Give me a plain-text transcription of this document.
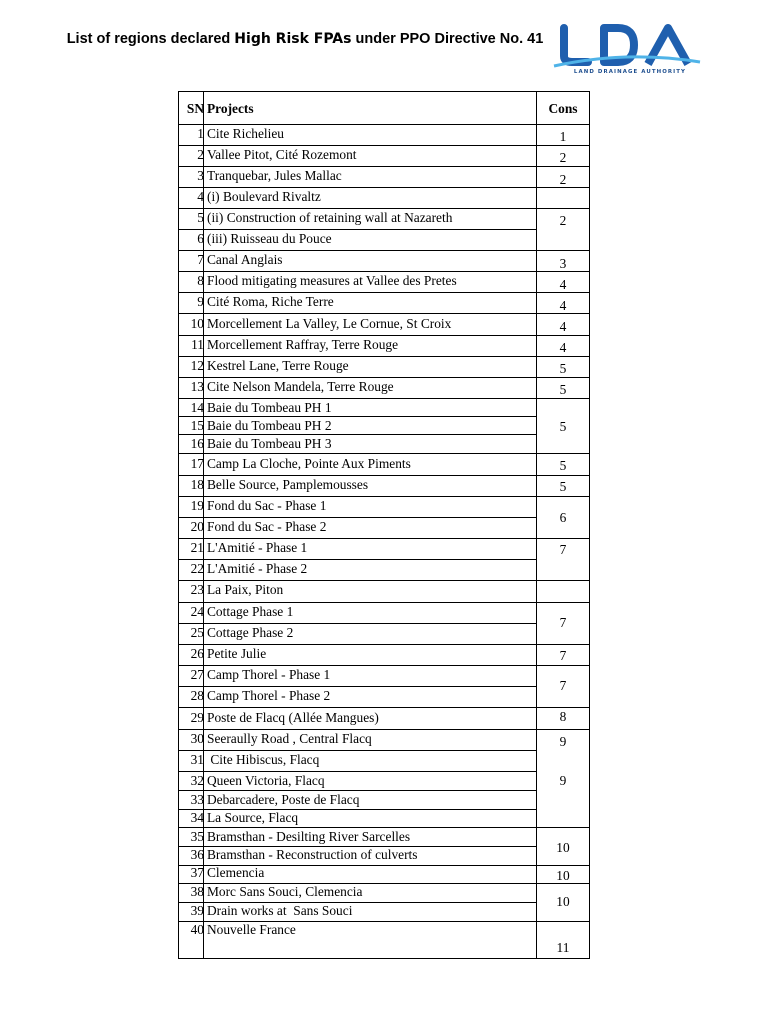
List of regions declared High Risk FPAs under PPO Directive No. 41
LAND DRAINAGE AUTHORITY
SN Projects	Cons
1 Cite Richelieu
2 Vallee Pitot, Cité Rozemont
3 Tranquebar, Jules Mallac
4 (i) Boulevard Rivaltz
5 (ii) Construction of retaining wall at Nazareth
6 (iii) Ruisseau du Pouce
7 Canal Anglais
8 Flood mitigating measures at Vallee des Pretes
9 Cité Roma, Riche Terre
10 Morcellement La Valley, Le Cornue, St Croix
11 Morcellement Raffray, Terre Rouge
12 Kestrel Lane, Terre Rouge
13 Cite Nelson Mandela, Terre Rouge
14 Baie du Tombeau PH 1
15 Baie du Tombeau PH 2
16 Baie du Tombeau PH 3
17 Camp La Cloche, Pointe Aux Piments
18 Belle Source, Pamplemousses
19 Fond du Sac - Phase 1
20 Fond du Sac - Phase 2
21 L'Amitié - Phase 1
22 L'Amitié - Phase 2
23 La Paix, Piton
24 Cottage Phase 1
25 Cottage Phase 2
26 Petite Julie
27 Camp Thorel - Phase 1
28 Camp Thorel - Phase 2
29 Poste de Flacq (Allée Mangues)
30 Seeraully Road , Central Flacq
31 Cite Hibiscus, Flacq
32 Queen Victoria, Flacq
33 Debarcadere, Poste de Flacq
34 La Source, Flacq
35 Bramsthan - Desilting River Sarcelles
36 Bramsthan - Reconstruction of culverts
37 Clemencia
38 Morc Sans Souci, Clemencia
39 Drain works at  Sans Souci
40 Nouvelle France
1
2
2
2
3
4
4
4
4
5
5
5
5
5
6
7
7
7
7
8
9
9
10
10
10
11
